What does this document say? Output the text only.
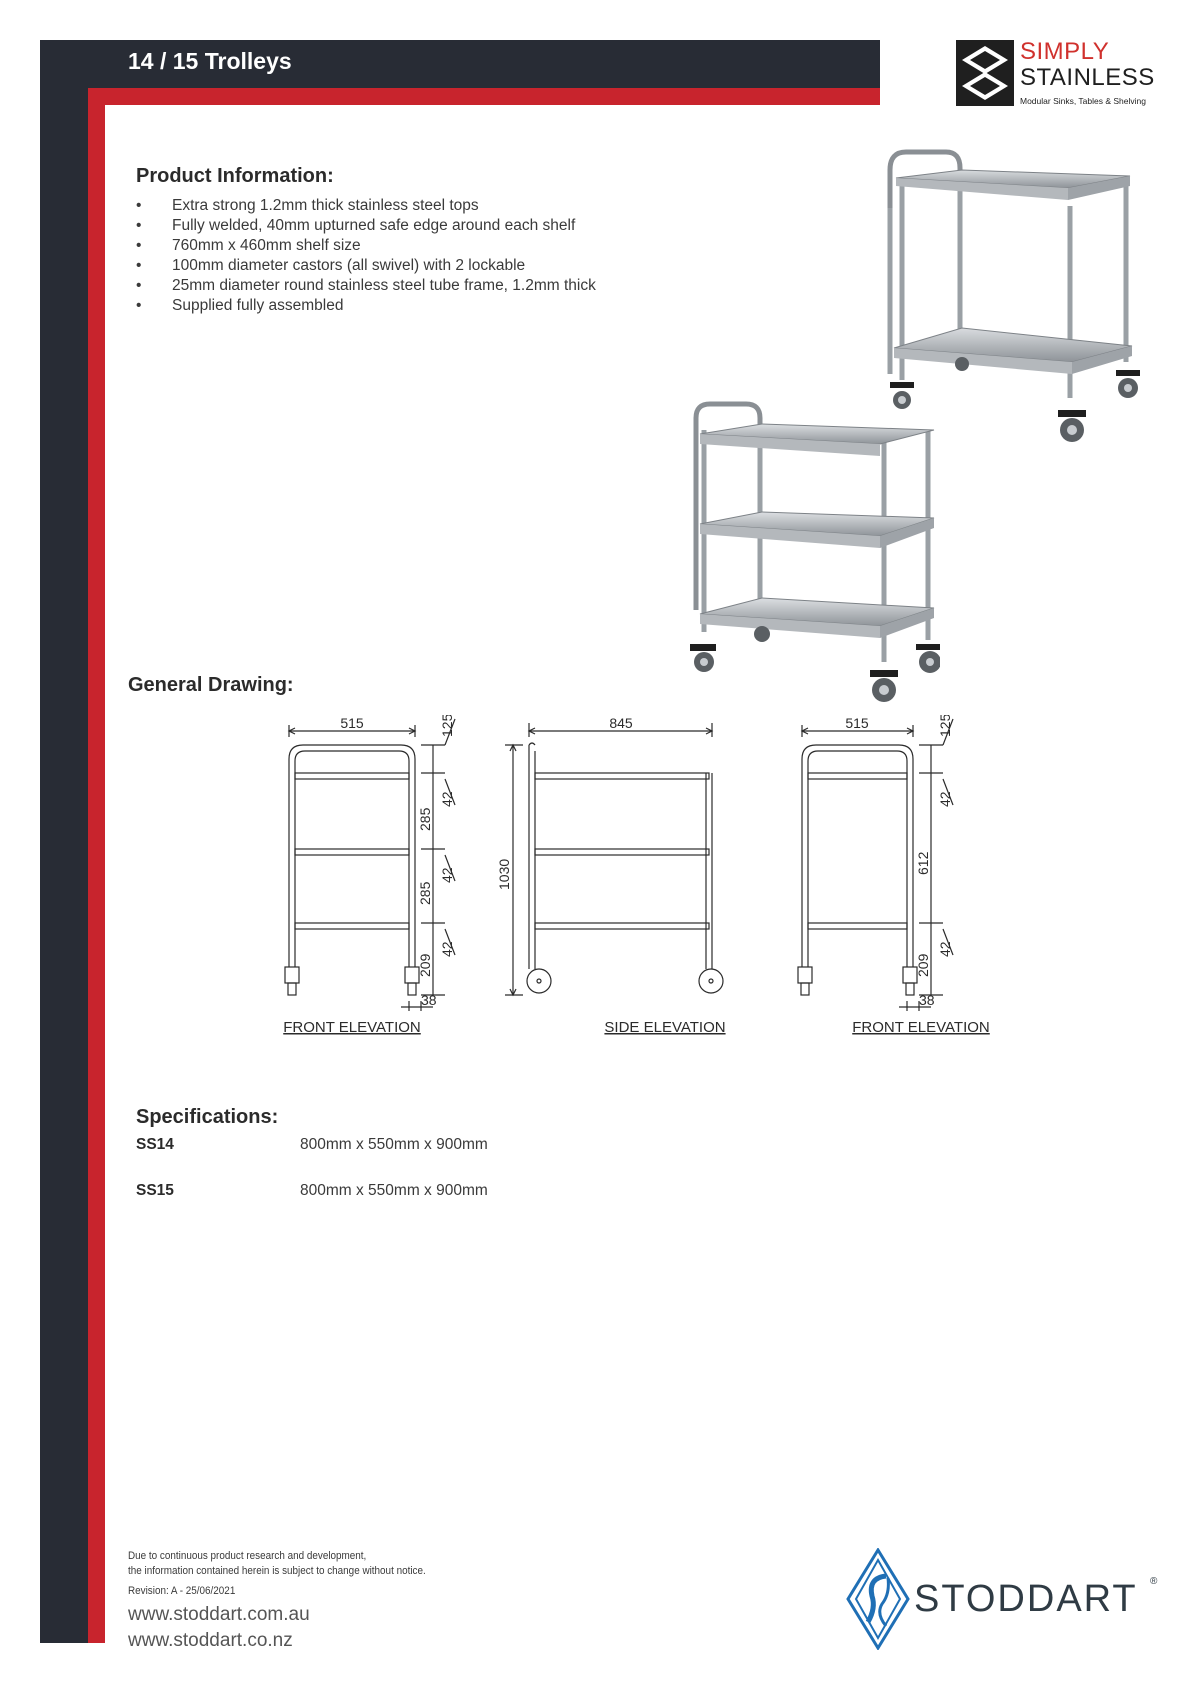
14 / 15 Trolleys	SIMPLY
STAINLESS
Modular Sinks, Tables & Shelving
Product Information:
• Extra strong 1.2mm thick stainless steel tops
• Fully welded, 40mm upturned safe edge around each shelf
• 760mm x 460mm shelf size
• 100mm diameter castors (all swivel) with 2 lockable
• 25mm diameter round stainless steel tube frame, 1.2mm thick
• Supplied fully assembled
General Drawing:
515	125
42
285
42
285
42
209
38
845
1030
515	125
42
612
42
209
38
FRONT ELEVATION	SIDE ELEVATION	FRONT ELEVATION
Specifications:
SS14	800mm x 550mm x 900mm
SS15	800mm x 550mm x 900mm
Due to continuous product research and development,
the information contained herein is subject to change without notice.
Revision: A - 25/06/2021
www.stoddart.com.au
www.stoddart.co.nz
STODDART ®
